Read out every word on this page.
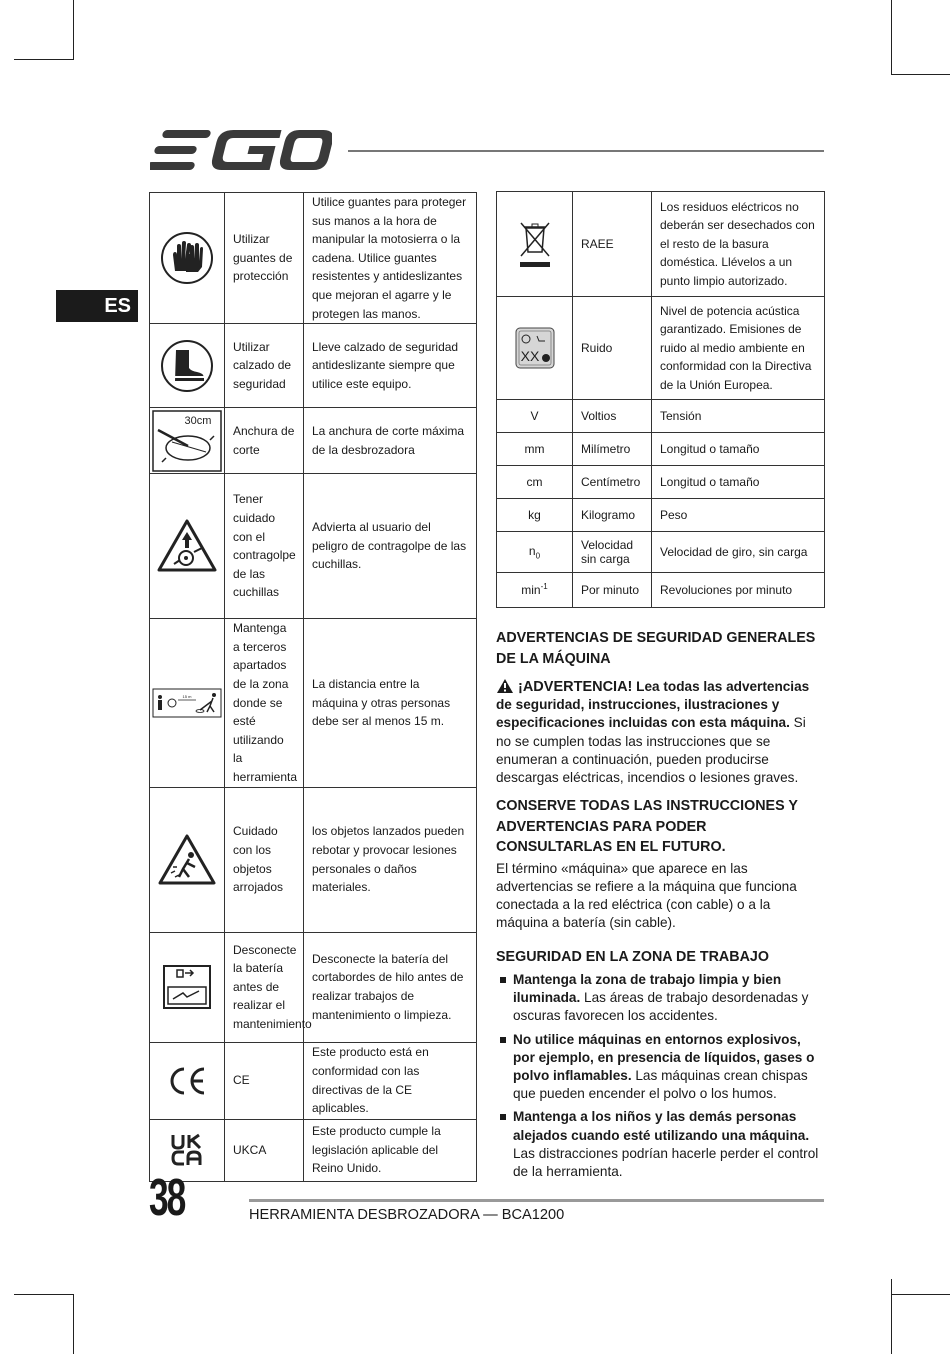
ES
	Utilizar guantes de protección	Utilice guantes para proteger sus manos a la hora de manipular la motosierra o la cadena. Utilice guantes resistentes y antideslizantes que mejoran el agarre y le protegen las manos.

	Utilizar calzado de seguridad	Lleve calzado de seguridad antideslizante siempre que utilice este equipo.

30cm	Anchura de corte	La anchura de corte máxima de la desbrozadora

	Tener cuidado con el contragolpe de las cuchillas	Advierta al usuario del peligro de contragolpe de las cuchillas.

15 m	Mantenga a terceros apartados de la zona donde se esté utilizando la herramienta	La distancia entre la máquina y otras personas debe ser al menos 15 m.

	Cuidado con los objetos arrojados	los objetos lanzados pueden rebotar y provocar lesiones personales o daños materiales.

	Desconecte la batería antes de realizar el mantenimiento	Desconecte la batería del cortabordes de hilo antes de realizar trabajos de mantenimiento o limpieza.

	CE	Este producto está en conformidad con las directivas de la CE aplicables.

	UKCA	Este producto cumple la legislación aplicable del Reino Unido.
	RAEE	Los residuos eléctricos no deberán ser desechados con el resto de la basura doméstica. Llévelos a un punto limpio autorizado.

XX	Ruido	Nivel de potencia acústica garantizado. Emisiones de ruido al medio ambiente en conformidad con la Directiva de la Unión Europea.
V	Voltios	Tensión
mm	Milímetro	Longitud o tamaño
cm	Centímetro	Longitud o tamaño
kg	Kilogramo	Peso
$n_0$	Velocidad sin carga	Velocidad de giro, sin carga
$\min^{-1}$	Por minuto	Revoluciones por minuto
ADVERTENCIAS DE SEGURIDAD GENERALES DE LA MÁQUINA

¡ADVERTENCIA! Lea todas las advertencias de seguridad, instrucciones, ilustraciones y especificaciones incluidas con esta máquina. Si no se cumplen todas las instrucciones que se enumeran a continuación, pueden producirse descargas eléctricas, incendios o lesiones graves.

CONSERVE TODAS LAS INSTRUCCIONES Y ADVERTENCIAS PARA PODER CONSULTARLAS EN EL FUTURO.

El término «máquina» que aparece en las advertencias se refiere a la máquina que funciona conectada a la red eléctrica (con cable) o a la máquina a batería (sin cable).

SEGURIDAD EN LA ZONA DE TRABAJO
Mantenga la zona de trabajo limpia y bien iluminada. Las áreas de trabajo desordenadas y oscuras favorecen los accidentes.
No utilice máquinas en entornos explosivos, por ejemplo, en presencia de líquidos, gases o polvo inflamables. Las máquinas crean chispas que pueden encender el polvo o los humos.
Mantenga a los niños y las demás personas alejados cuando esté utilizando una máquina. Las distracciones podrían hacerle perder el control de la herramienta.
38	HERRAMIENTA DESBROZADORA — BCA1200
